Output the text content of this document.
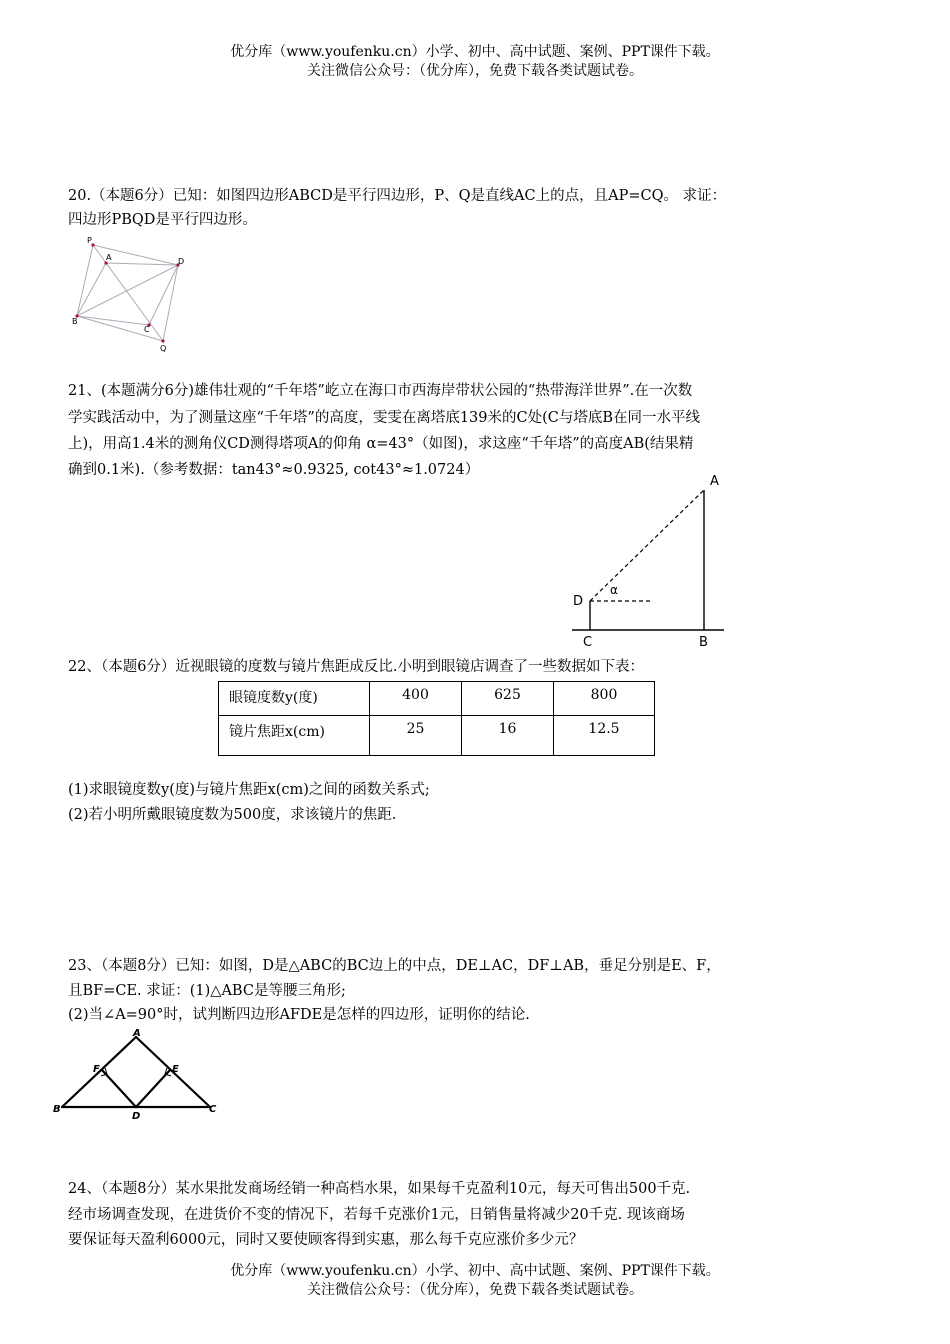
优分库（www.youfenku.cn）小学、初中、高中试题、案例、PPT课件下载。
关注微信公众号：（优分库），免费下载各类试题试卷。
20.（本题6分）已知：如图四边形ABCD是平行四边形，P、Q是直线AC上的点，且AP=CQ。 求证：
四边形PBQD是平行四边形。
P
A	D
B
C
Q
21、(本题满分6分)雄伟壮观的“千年塔”屹立在海口市西海岸带状公园的“热带海洋世界”.在一次数
学实践活动中，为了测量这座“千年塔”的高度，雯雯在离塔底139米的C处(C与塔底B在同一水平线
上)，用高1.4米的测角仪CD测得塔项A的仰角 α=43°（如图)，求这座“千年塔”的高度AB(结果精
确到0.1米).（参考数据：tan43°≈0.9325, cot43°≈1.0724）
A
D
α
C	B
22、（本题6分）近视眼镜的度数与镜片焦距成反比.小明到眼镜店调查了一些数据如下表：
眼镜度数y(度)	400	625	800
镜片焦距x(cm)	25	16	12.5
(1)求眼镜度数y(度)与镜片焦距x(cm)之间的函数关系式;
(2)若小明所戴眼镜度数为500度，求该镜片的焦距.
23、（本题8分）已知：如图，D是△ABC的BC边上的中点，DE⊥AC，DF⊥AB，垂足分别是E、F，
且BF=CE. 求证：(1)△ABC是等腰三角形;
(2)当∠A=90°时，试判断四边形AFDE是怎样的四边形，证明你的结论.
A
F	E
B
D
C
24、（本题8分）某水果批发商场经销一种高档水果，如果每千克盈利10元，每天可售出500千克.
经市场调查发现，在进货价不变的情况下，若每千克涨价1元，日销售量将减少20千克. 现该商场
要保证每天盈利6000元，同时又要使顾客得到实惠，那么每千克应涨价多少元？
优分库（www.youfenku.cn）小学、初中、高中试题、案例、PPT课件下载。
关注微信公众号：（优分库），免费下载各类试题试卷。
